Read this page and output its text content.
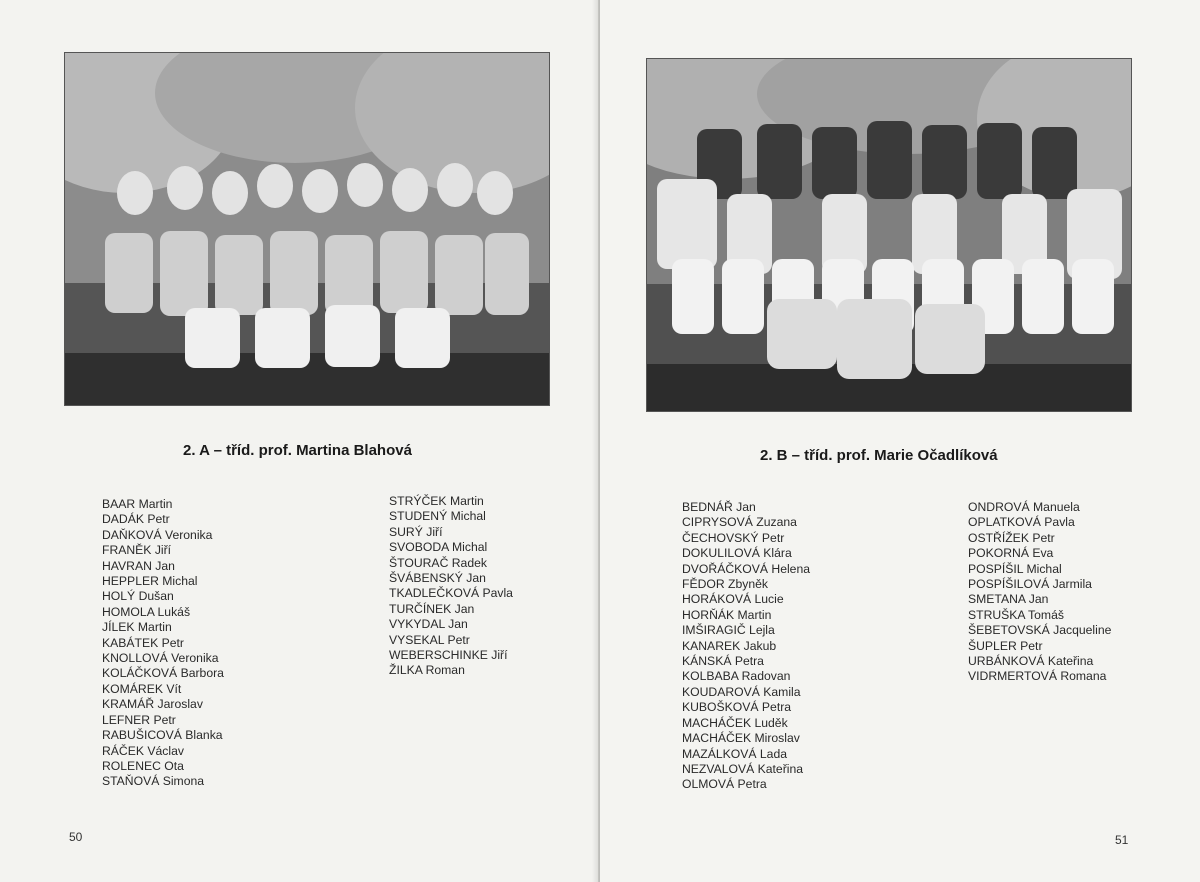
2. A – tříd. prof. Martina Blahová
BAAR Martin
DADÁK Petr
DAŇKOVÁ Veronika
FRANĚK Jiří
HAVRAN Jan
HEPPLER Michal
HOLÝ Dušan
HOMOLA Lukáš
JÍLEK Martin
KABÁTEK Petr
KNOLLOVÁ Veronika
KOLÁČKOVÁ Barbora
KOMÁREK Vít
KRAMÁŘ Jaroslav
LEFNER Petr
RABUŠICOVÁ Blanka
RÁČEK Václav
ROLENEC Ota
STAŇOVÁ Simona
STRÝČEK Martin
STUDENÝ Michal
SURÝ Jiří
SVOBODA Michal
ŠTOURAČ Radek
ŠVÁBENSKÝ Jan
TKADLEČKOVÁ Pavla
TURČÍNEK Jan
VYKYDAL Jan
VYSEKAL Petr
WEBERSCHINKE Jiří
ŽILKA Roman
50
2. B – tříd. prof. Marie Očadlíková
BEDNÁŘ Jan
CIPRYSOVÁ Zuzana
ČECHOVSKÝ Petr
DOKULILOVÁ Klára
DVOŘÁČKOVÁ Helena
FĚDOR Zbyněk
HORÁKOVÁ Lucie
HORŇÁK Martin
IMŠIRAGIČ Lejla
KANAREK Jakub
KÁNSKÁ Petra
KOLBABA Radovan
KOUDAROVÁ Kamila
KUBOŠKOVÁ Petra
MACHÁČEK Luděk
MACHÁČEK Miroslav
MAZÁLKOVÁ Lada
NEZVALOVÁ Kateřina
OLMOVÁ Petra
ONDROVÁ Manuela
OPLATKOVÁ Pavla
OSTŘÍŽEK Petr
POKORNÁ Eva
POSPÍŠIL Michal
POSPÍŠILOVÁ Jarmila
SMETANA Jan
STRUŠKA Tomáš
ŠEBETOVSKÁ Jacqueline
ŠUPLER Petr
URBÁNKOVÁ Kateřina
VIDRMERTOVÁ Romana
51
